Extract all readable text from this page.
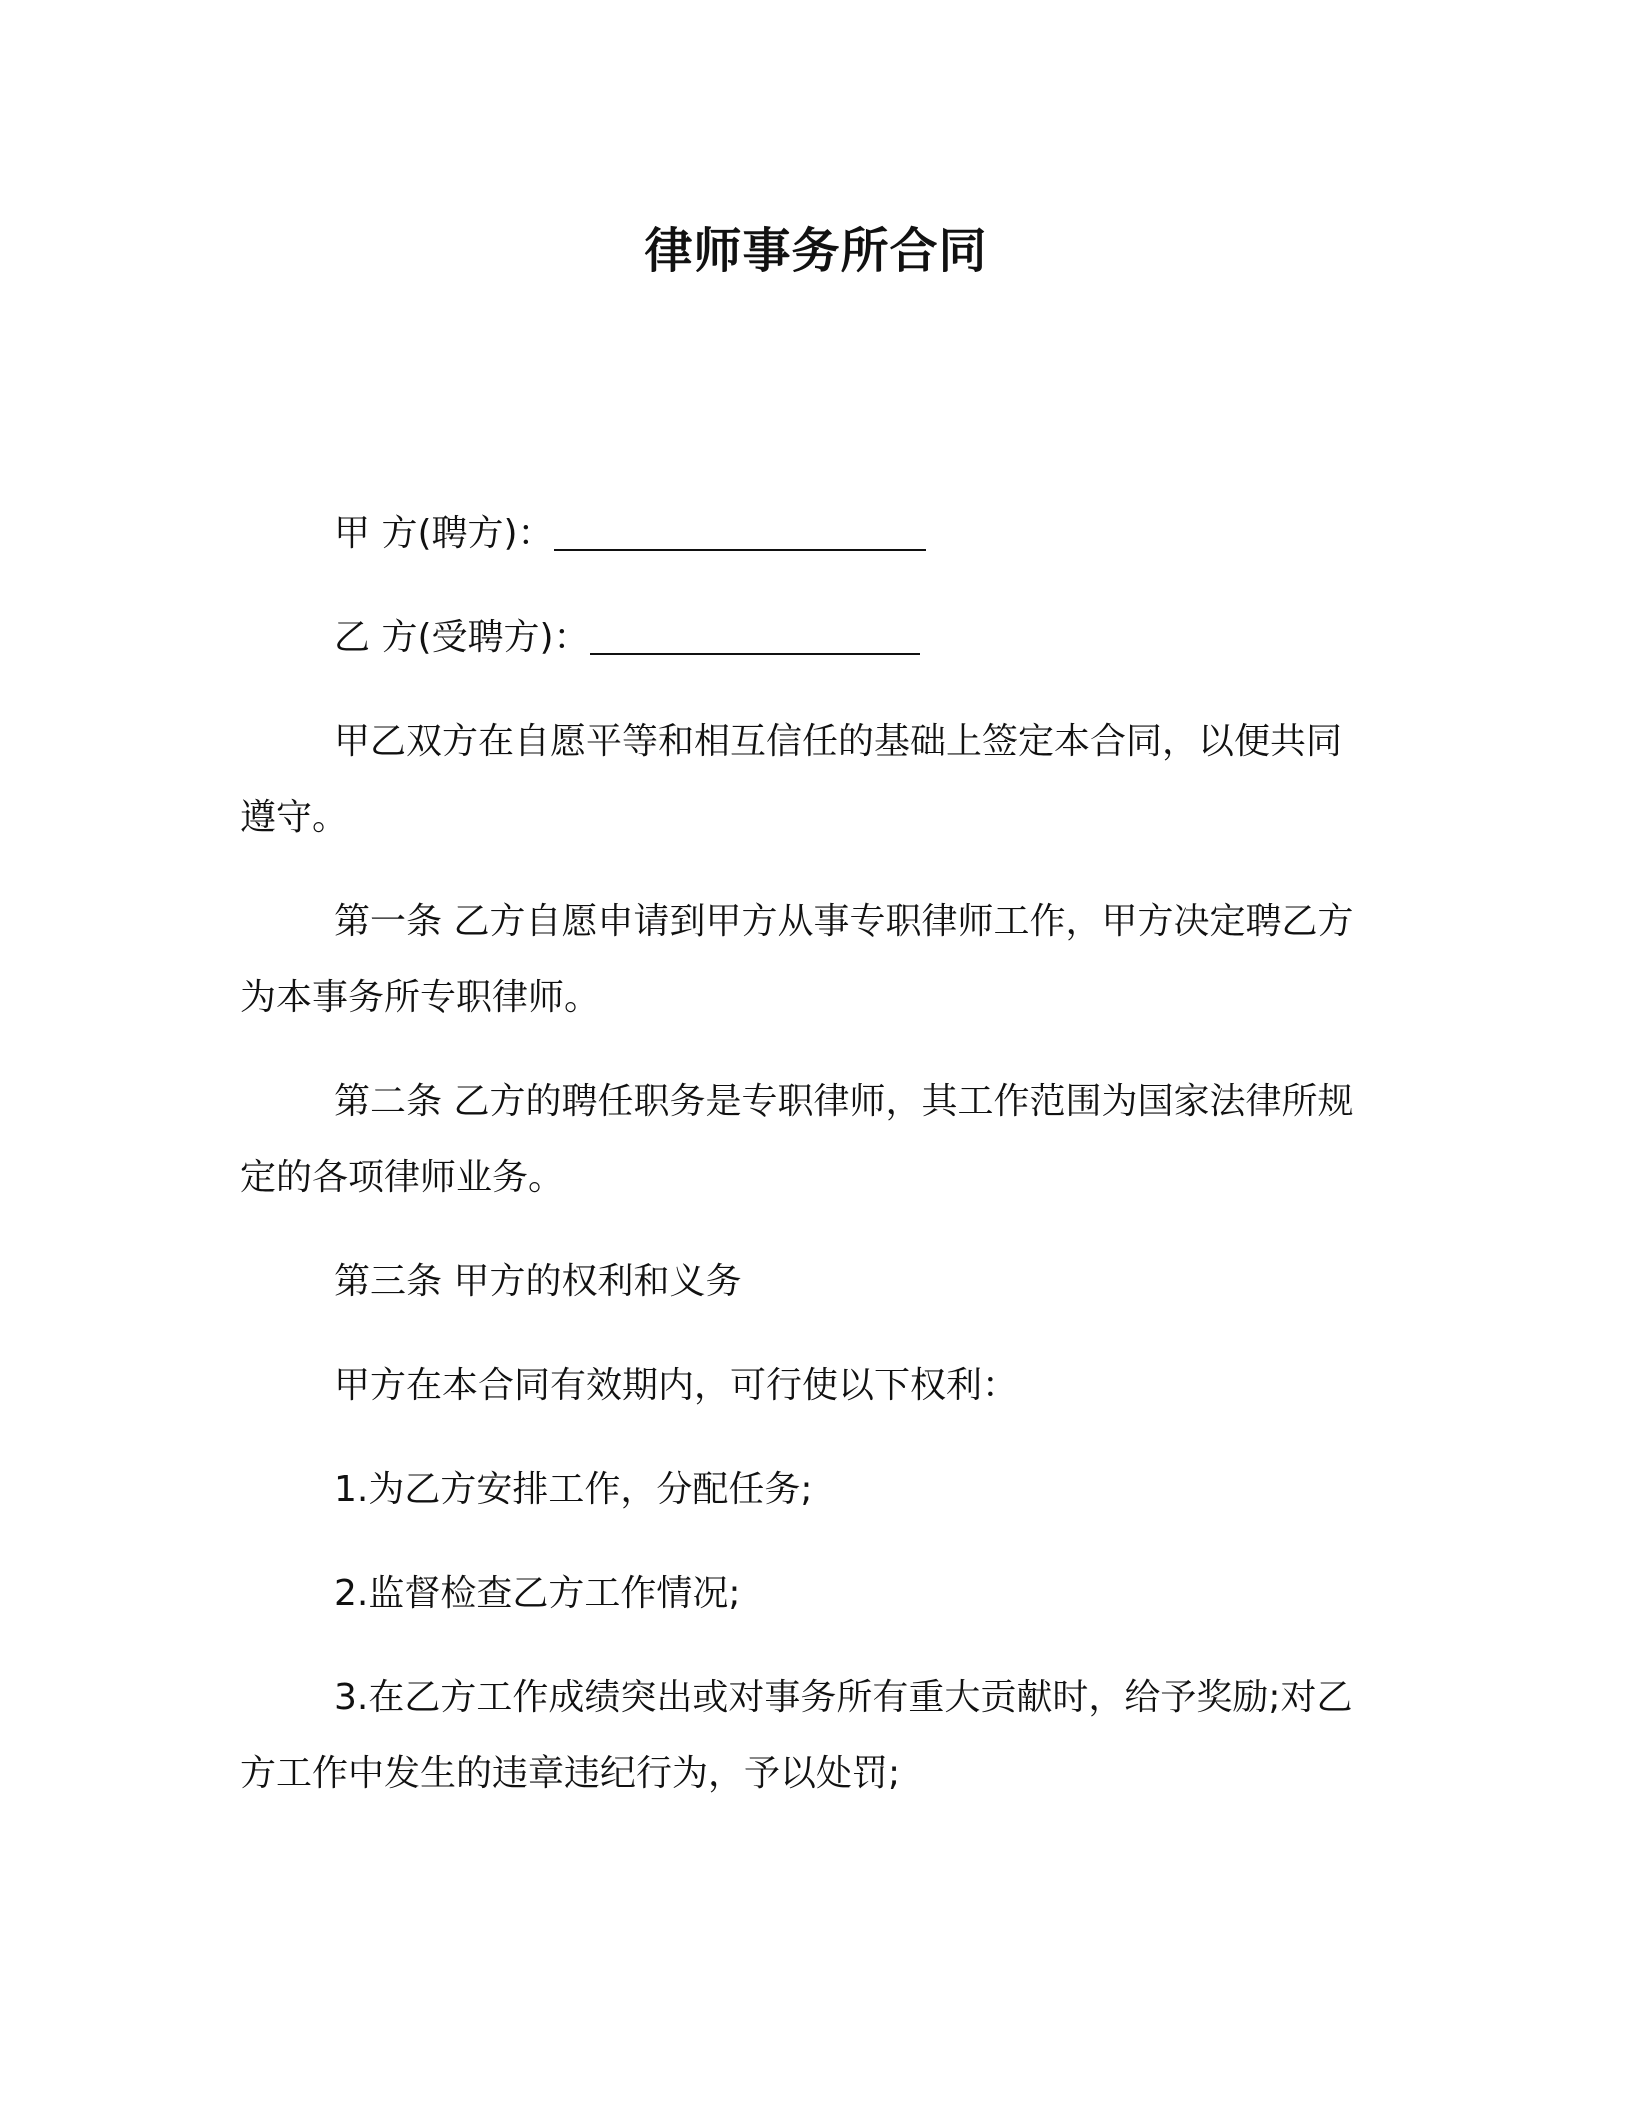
律师事务所合同

甲 方(聘方)：

乙 方(受聘方)：

甲乙双方在自愿平等和相互信任的基础上签定本合同，以便共同
遵守。

第一条 乙方自愿申请到甲方从事专职律师工作，甲方决定聘乙方
为本事务所专职律师。

第二条 乙方的聘任职务是专职律师，其工作范围为国家法律所规
定的各项律师业务。

第三条 甲方的权利和义务

甲方在本合同有效期内，可行使以下权利：

1.为乙方安排工作，分配任务;

2.监督检查乙方工作情况;

3.在乙方工作成绩突出或对事务所有重大贡献时，给予奖励;对乙
方工作中发生的违章违纪行为，予以处罚;
